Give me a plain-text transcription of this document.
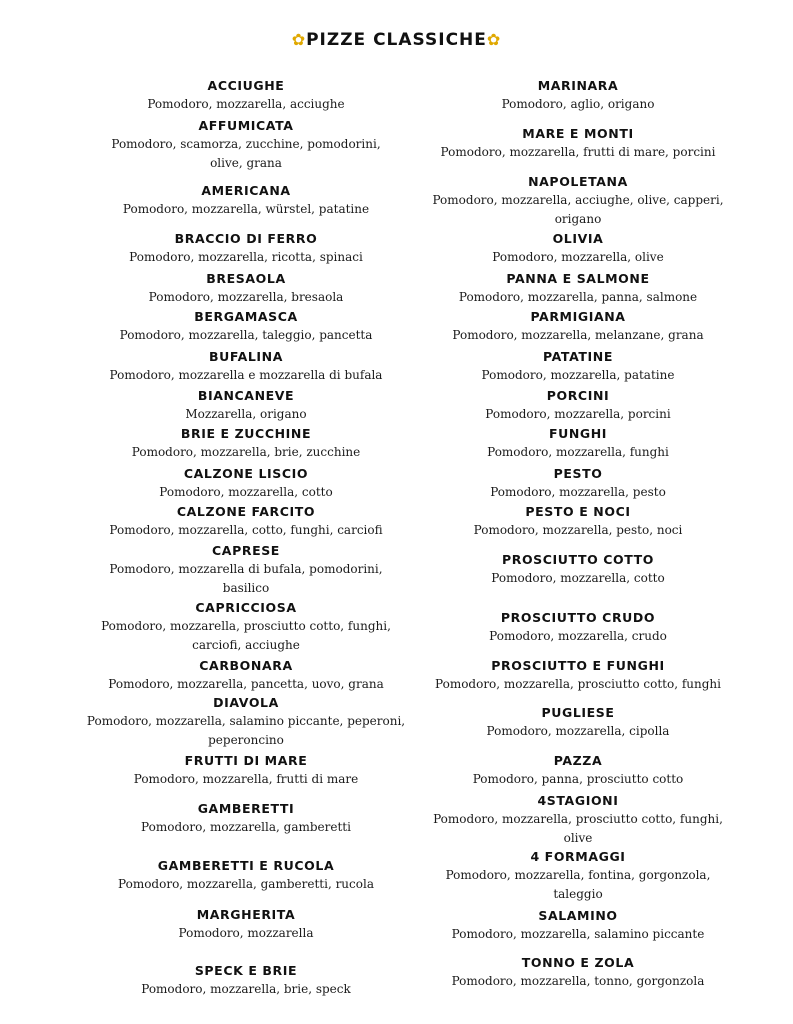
✿PIZZE CLASSICHE✿
ACCIUGHE
Pomodoro, mozzarella, acciughe
AFFUMICATA
Pomodoro, scamorza, zucchine, pomodorini, olive, grana
AMERICANA
Pomodoro, mozzarella, würstel, patatine
BRACCIO DI FERRO
Pomodoro, mozzarella, ricotta, spinaci
BRESAOLA
Pomodoro, mozzarella, bresaola
BERGAMASCA
Pomodoro, mozzarella, taleggio, pancetta
BUFALINA
Pomodoro, mozzarella e mozzarella di bufala
BIANCANEVE
Mozzarella, origano
BRIE E ZUCCHINE
Pomodoro, mozzarella, brie, zucchine
CALZONE LISCIO
Pomodoro, mozzarella, cotto
CALZONE FARCITO
Pomodoro, mozzarella, cotto, funghi, carciofi
CAPRESE
Pomodoro, mozzarella di bufala, pomodorini, basilico
CAPRICCIOSA
Pomodoro, mozzarella, prosciutto cotto, funghi, carciofi, acciughe
CARBONARA
Pomodoro, mozzarella, pancetta, uovo, grana
DIAVOLA
Pomodoro, mozzarella, salamino piccante, peperoni, peperoncino
FRUTTI DI MARE
Pomodoro, mozzarella, frutti di mare
GAMBERETTI
Pomodoro, mozzarella, gamberetti
GAMBERETTI E RUCOLA
Pomodoro, mozzarella, gamberetti, rucola
MARGHERITA
Pomodoro, mozzarella
SPECK E BRIE
Pomodoro, mozzarella, brie, speck
MARINARA
Pomodoro, aglio, origano
MARE E MONTI
Pomodoro, mozzarella, frutti di mare, porcini
NAPOLETANA
Pomodoro, mozzarella, acciughe, olive, capperi, origano
OLIVIA
Pomodoro, mozzarella, olive
PANNA E SALMONE
Pomodoro, mozzarella, panna, salmone
PARMIGIANA
Pomodoro, mozzarella, melanzane, grana
PATATINE
Pomodoro, mozzarella, patatine
PORCINI
Pomodoro, mozzarella, porcini
FUNGHI
Pomodoro, mozzarella, funghi
PESTO
Pomodoro, mozzarella, pesto
PESTO E NOCI
Pomodoro, mozzarella, pesto, noci
PROSCIUTTO COTTO
Pomodoro, mozzarella, cotto
PROSCIUTTO CRUDO
Pomodoro, mozzarella, crudo
PROSCIUTTO E FUNGHI
Pomodoro, mozzarella, prosciutto cotto, funghi
PUGLIESE
Pomodoro, mozzarella, cipolla
PAZZA
Pomodoro, panna, prosciutto cotto
4STAGIONI
Pomodoro, mozzarella, prosciutto cotto, funghi, olive
4 FORMAGGI
Pomodoro, mozzarella, fontina, gorgonzola, taleggio
SALAMINO
Pomodoro, mozzarella, salamino piccante
TONNO E ZOLA
Pomodoro, mozzarella, tonno, gorgonzola
